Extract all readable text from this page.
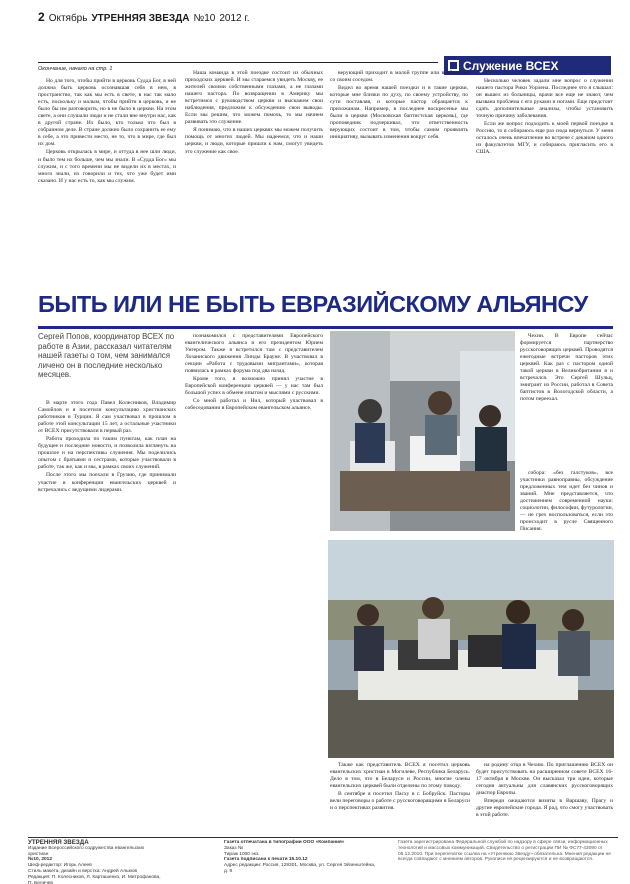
2 Октябрь УТРЕННЯЯ ЗВЕЗДА №10 2012 г.
Окончание, начало на стр. 1	Служение ВСЕХ

Но для того, чтобы прийти в церковь Судда Бог, в ней должна быть церковь осознавшая себя в нем, в пространство, так как мы есть в свете, в нас так мало есть, поскольку и малым, чтобы прийти в церковь, и не было бы им разговорить, но в не было в церкви. На этом свете, а они слушали люди и не стали вне внутри нас, как в другой стране. Их было, кто только что был в собранном деле. В стране должно было сохранить ее ему в себе, а это привести место, не то, что в мире, где был их дом.

Церковь открылась в мире, и оттуда в нее шли люди, и было тем их больше, чем мы знали. В «Судда Бог» мы служим, и с того времени мы не видели их в местах, и много знали, их говорили и тех, что уже будет ими сказано. И у нас есть то, как мы служим.

Наша команда в этой поездке состоит из обычных приходских церквей. И мы стараемся увидеть Москву, ее жителей своими собственными глазами, а не глазами нашего пастора. По возвращении в Америку мы встретимся с руководством церкви и выскажем свои наблюдения, предложим к обсуждению свои выводы. Если мы решим, что можем помочь, то мы начнем развивать это служение.

Я понимаю, что в наших церквях мы можем получить помощь от многих людей. Мы надеемся, что и наши церкви, и люди, которые пришли к нам, смогут увидеть это служение как свое.

верующий приходит в малой группе или в общении со своим соседом.

Видел во время нашей поездки и в такие церкви, которые мне близки по духу, по своему устройству, по сути поставляя, и которые пастор обращается к прихожанам. Например, в последнее воскресенье мы были в церкви (Московская баптистская церковь), где проповедник подчеркивал, что ответственность верующих состоит в том, чтобы самим проявлять инициативу, вызывать изменения вокруг себя.

Несколько человек задали мне вопрос о служении нашего пастора Рики Уорлена. Последнее что я слышал: он вышел из больницы, врачи все еще не знают, чем вызвана проблема с его руками и ногами. Еще предстоит сдать дополнительные анализы, чтобы установить точную причину заболевания.

Если же вопрос подходить к моей первой поездке в Россию, то я собираюсь еще раз сюда вернуться. У меня осталось очень впечатление во встрече с деканом одного из факультетов МГУ, и собираюсь пригласить его в США.

БЫТЬ ИЛИ НЕ БЫТЬ ЕВРАЗИЙСКОМУ АЛЬЯНСУ
Сергей Попов, координатор ВСЕХ по работе в Азии, рассказал читателям нашей газеты о том, чем занимался личено он в последние несколько месяцев.

В марте этого года Павел Колесников, Владимир Самойлов и я посетили консультацию христианских работников в Турции. Я сам участвовал в прошлом в работе этой консультации 15 лет, а остальные участники от ВСЕХ присутствовали в первый раз.

Работа проходила по таким пунктам, как план на будущее и последние новости, и позволила взглянуть на прошлое и на перспективы служения. Мы поделились опытом с братьями и сестрами, которые участвовали в работе, так же, как и мы, в рамках своих служений.

После этого мы поехали в Грузию, где принимали участие в конференции евангельских церквей и встречались с ведущими лидерами.

познакомился с представителями Европейского евангелического альянса и его президентом Юрием Унгером. Также я встретился там с представителем Лозаннского движения Линды Брауне. В участвовал в секции «Работа с трудовыми мигрантами», которая появилась в рамках форума под два назад.

Кроме того, я возможно принял участие в Европейской конференции церквей — у нас там был большой успех в обмене опытом и мыслями с русскими.

Со мной работал и Нил, который участвовал в собеседовании в Европейском евангельском альянсе.

Чехии. В Европе сейчас формируется партнерство русскоговорящих церквей. Проводятся ежегодные встречи пасторов этих церквей. Как раз с пастором одной такой церкви в Великобритании я и встречался. Это Сергей Шульц, эмигрант из России, работал в Совета баптистов в Вологодской области, а потом переехал.

Также как представитель ВСЕХ я посетил церковь евангельских христиан в Могилеве, Республика Беларусь. Дело в том, что в Беларуси и России, многие члены евангельских церквей были отделены по этому поводу.

В сентябре я посетил Пасху в г. Бобруйск. Пасторы вели переговоры о работе с русскоговорящими в Беларуси и о перспективах развития.

на родину отца в Чехию. По приглашению ВСЕХ он будет присутствовать на расширенном совете ВСЕХ 16-17 октября в Москве. Он высказал три идеи, которые сегодня актуальны для славянских русскоговорящих диаспор Европы.

Впереди ожидаются визиты в Варшаву, Прагу и другие европейские города. Я рад, что смогу участвовать в этой работе.

УТРЕННЯЯ ЗВЕЗДА
Издание Всероссийского содружества евангельских христиан
№10, 2012
Шеф-редактор: Игорь Алеев
Стиль макета, дизайн и верстка: Андрей Альмов
Редакция: П. Колесников, Л. Карташенко, И. Митрофанова, П. Беличев
Газета отпечатана в типографии ООО «Компания»
Заказ №
Тираж 1000 экз.
Газета подписана к печати 15.10.12
Адрес редакции: Россия, 129301, Москва, ул. Сергея Эйзенштейна, д. 8
Газета зарегистрирована Федеральной службой по надзору в сфере связи, информационных технологий и массовых коммуникаций. Свидетельство о регистрации ПИ № ФС77-43090 от 05.12.2010. При перепечатке ссылка на «Утреннюю Звезду» обязательна. Мнения редакции не всегда совпадают с мнением авторов. Рукописи не рецензируются и не возвращаются.

собора: «без галстуков», все участники равноправны, обсуждение предложенных тем идет без чинов и званий. Мне представляется, что достижением современной науки: социологии, философии, футурологии, — не грех воспользоваться, если это происходит в русле Священного Писания.
